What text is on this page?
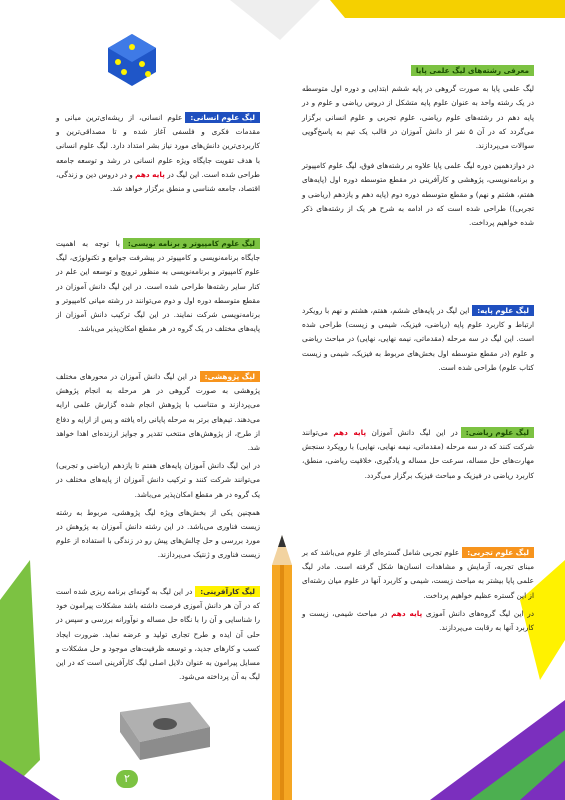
۲
معرفی رشته‌های لیگ علمی پایا

لیگ علمی پایا به صورت گروهی در پایه ششم ابتدایی و دوره اول متوسطه در یک رشته واحد به عنوان علوم پایه متشکل از دروس ریاضی و علوم و در پایه دهم در رشته‌های علوم ریاضی، علوم تجربی و علوم انسانی برگزار می‌گردد که در آن ۵ نفر از دانش آموزان در قالب یک تیم به پاسخ‌گویی سوالات می‌پردازند.

در دوازدهمین دوره لیگ علمی پایا علاوه بر رشته‌های فوق، لیگ علوم کامپیوتر و برنامه‌نویسی، پژوهشی و کارآفرینی در مقطع متوسطه دوره اول (پایه‌های هفتم، هشتم و نهم) و مقطع متوسطه دوره دوم (پایه دهم و یازدهم (ریاضی و تجربی)) طراحی شده است که در ادامه به شرح هر یک از رشته‌های ذکر شده خواهیم پرداخت.

لیگ علوم پایه:این لیگ در پایه‌های ششم، هفتم، هشتم و نهم با رویکرد ارتباط و کاربرد علوم پایه (ریاضی، فیزیک، شیمی و زیست) طراحی شده است. این لیگ در سه مرحله (مقدماتی، نیمه نهایی، نهایی) در مباحث ریاضی و علوم (در مقطع متوسطه اول بخش‌های مربوط به فیزیک، شیمی و زیست کتاب علوم) طراحی شده است.

لیگ علوم ریاضی:در این لیگ دانش آموزان پایه دهم می‌توانند شرکت کنند که در سه مرحله (مقدماتی، نیمه نهایی، نهایی) با رویکرد سنجش مهارت‌های حل مساله، سرعت حل مساله و یادگیری، خلاقیت ریاضی، منطق، کاربرد ریاضی در فیزیک و مباحث فیزیک برگزار می‌گردد.

لیگ علوم تجربی:علوم تجربی شامل گستره‌ای از علوم می‌باشد که بر مبنای تجربه، آزمایش و مشاهدات انسان‌ها شکل گرفته است. مادر لیگ علمی پایا بیشتر به مباحث زیست، شیمی و کاربرد آنها در علوم میان رشته‌ای از این گستره عظیم خواهیم پرداخت.

در این لیگ گروه‌های دانش آموزی پایه دهم در مباحث شیمی، زیست و کاربرد آنها به رقابت می‌پردازند.

لیگ علوم انسانی:علوم انسانی، از ریشه‌ای‌ترین مبانی و مقدمات فکری و فلسفی آغاز شده و تا مصداقی‌ترین و کاربردی‌ترین دانش‌های مورد نیاز بشر امتداد دارد. لیگ علوم انسانی با هدف تقویت جایگاه ویژه علوم انسانی در رشد و توسعه جامعه طراحی شده است. این لیگ در پایه دهم و در دروس دین و زندگی، اقتصاد، جامعه شناسی و منطق برگزار خواهد شد.

لیگ علوم کامپیوتر و برنامه نویسی:با توجه به اهمیت جایگاه برنامه‌نویسی و کامپیوتر در پیشرفت جوامع و تکنولوژی، لیگ علوم کامپیوتر و برنامه‌نویسی به منظور ترویج و توسعه این علم در کنار سایر رشته‌ها طراحی شده است. در این لیگ دانش آموزان در مقطع متوسطه دوره اول و دوم می‌توانند در رشته میانی کامپیوتر و برنامه‌نویسی شرکت نمایند. در این لیگ ترکیب دانش آموزان از پایه‌های مختلف در یک گروه در هر مقطع امکان‌پذیر می‌باشد.

لیگ پژوهشی:در این لیگ دانش آموزان در محورهای مختلف پژوهشی به صورت گروهی در هر مرحله به انجام پژوهش می‌پردازند و متناسب با پژوهش انجام شده گزارش علمی ارایه می‌دهند. تیم‌های برتر به مرحله پایانی راه یافته و پس از ارایه و دفاع از طرح، از پژوهش‌های منتخب تقدیر و جوایز ارزنده‌ای اهدا خواهد شد.

در این لیگ دانش آموزان پایه‌های هفتم تا یازدهم (ریاضی و تجربی) می‌توانند شرکت کنند و ترکیب دانش آموزان از پایه‌های مختلف در یک گروه در هر مقطع امکان‌پذیر می‌باشد.

همچنین یکی از بخش‌های ویژه لیگ پژوهشی، مربوط به رشته زیست فناوری می‌باشد. در این رشته دانش آموزان به پژوهش در مورد بررسی و حل چالش‌های پیش رو در زندگی با استفاده از علوم زیست فناوری و ژنتیک می‌پردازند.

لیگ کارآفرینی:در این لیگ به گونه‌ای برنامه ریزی شده است که در آن هر دانش آموزی فرصت داشته باشد مشکلات پیرامون خود را شناسایی و آن را با نگاه حل مساله و نوآورانه بررسی و سپس در حلی آن ایده و طرح تجاری تولید و عرضه نماید. ضرورت ایجاد کسب و کارهای جدید، و توسعه ظرفیت‌های موجود و حل مشکلات و مسایل پیرامون به عنوان دلایل اصلی لیگ کارآفرینی است که در این لیگ به آن پرداخته می‌شود.
